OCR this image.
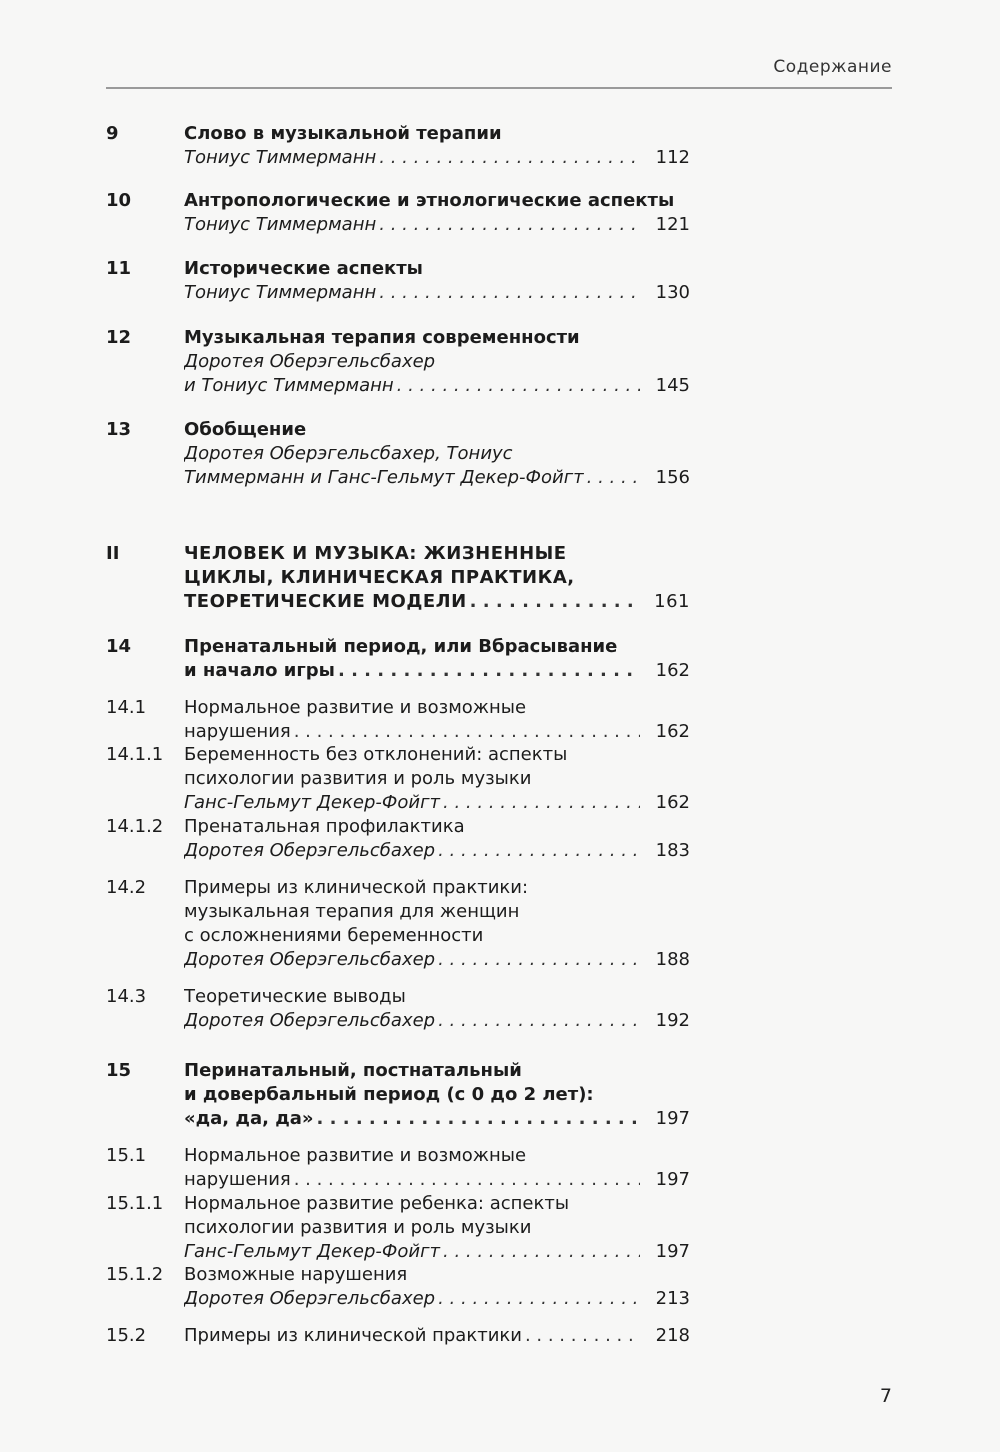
Содержание
9	Слово в музыкальной терапии
Тониус Тиммерманн . . .	112
10	Антропологические и этнологические аспекты
Тониус Тиммерманн . . .	121
11	Исторические аспекты
Тониус Тиммерманн . . .	130
12	Музыкальная терапия современности
Доротея Оберэгельсбахер
и Тониус Тиммерманн . . .	145
13	Обобщение
Доротея Оберэгельсбахер, Тониус
Тиммерманн и Ганс-Гельмут Декер-Фойгт . . .	156
II	ЧЕЛОВЕК И МУЗЫКА: ЖИЗНЕННЫЕ
ЦИКЛЫ, КЛИНИЧЕСКАЯ ПРАКТИКА,
ТЕОРЕТИЧЕСКИЕ МОДЕЛИ . . .	161
14	Пренатальный период, или Вбрасывание
и начало игры . . .	162
14.1	Нормальное развитие и возможные
нарушения . . .	162
14.1.1	Беременность без отклонений: аспекты
психологии развития и роль музыки
Ганс-Гельмут Декер-Фойгт . . .	162
14.1.2	Пренатальная профилактика
Доротея Оберэгельсбахер . . .	183
14.2	Примеры из клинической практики:
музыкальная терапия для женщин
с осложнениями беременности
Доротея Оберэгельсбахер . . .	188
14.3	Теоретические выводы
Доротея Оберэгельсбахер . . .	192
15	Перинатальный, постнатальный
и довербальный период (с 0 до 2 лет):
«да, да, да» . . .	197
15.1	Нормальное развитие и возможные
нарушения . . .	197
15.1.1	Нормальное развитие ребенка: аспекты
психологии развития и роль музыки
Ганс-Гельмут Декер-Фойгт . . .	197
15.1.2	Возможные нарушения
Доротея Оберэгельсбахер . . .	213
15.2	Примеры из клинической практики . . .	218
7
